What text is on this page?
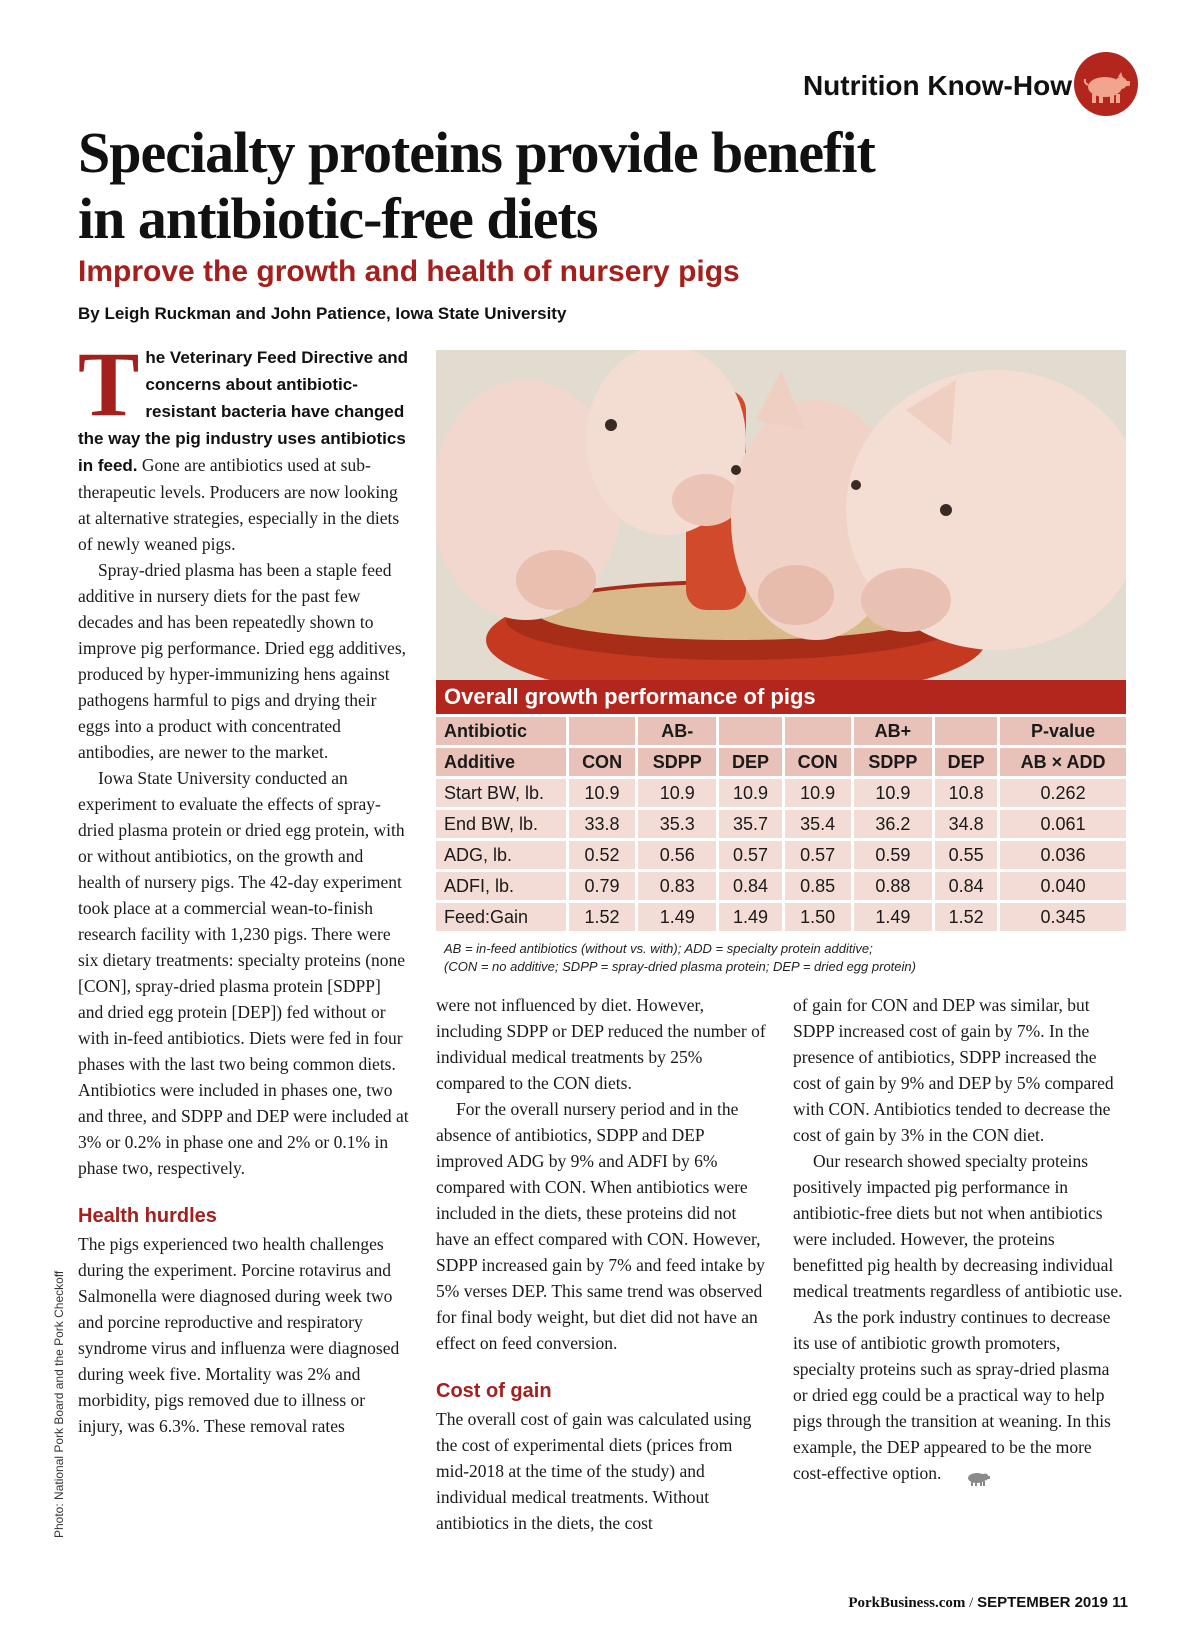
Nutrition Know-How
Specialty proteins provide benefit
in antibiotic-free diets
Improve the growth and health of nursery pigs
By Leigh Ruckman and John Patience, Iowa State University

The Veterinary Feed Directive and concerns about antibiotic-resistant bacteria have changed the way the pig industry uses antibiotics in feed. Gone are antibiotics used at sub-therapeutic levels. Producers are now looking at alternative strategies, especially in the diets of newly weaned pigs.

Spray-dried plasma has been a staple feed additive in nursery diets for the past few decades and has been repeatedly shown to improve pig performance. Dried egg additives, produced by hyper-immunizing hens against pathogens harmful to pigs and drying their eggs into a product with concentrated antibodies, are newer to the market.

Iowa State University conducted an experiment to evaluate the effects of spray-dried plasma protein or dried egg protein, with or without antibiotics, on the growth and health of nursery pigs. The 42-day experiment took place at a commercial wean-to-finish research facility with 1,230 pigs. There were six dietary treatments: specialty proteins (none [CON], spray-dried plasma protein [SDPP] and dried egg protein [DEP]) fed without or with in-feed antibiotics. Diets were fed in four phases with the last two being common diets. Antibiotics were included in phases one, two and three, and SDPP and DEP were included at 3% or 0.2% in phase one and 2% or 0.1% in phase two, respectively.

Health hurdles

The pigs experienced two health challenges during the experiment. Porcine rotavirus and Salmonella were diagnosed during week two and porcine reproductive and respiratory syndrome virus and influenza were diagnosed during week five. Mortality was 2% and morbidity, pigs removed due to illness or injury, was 6.3%. These removal rates

Overall growth performance of pigs
Antibiotic		AB-			AB+		P-value
Additive	CON	SDPP	DEP	CON	SDPP	DEP	AB × ADD
Start BW, lb.	10.9	10.9	10.9	10.9	10.9	10.8	0.262
End BW, lb.	33.8	35.3	35.7	35.4	36.2	34.8	0.061
ADG, lb.	0.52	0.56	0.57	0.57	0.59	0.55	0.036
ADFI, lb.	0.79	0.83	0.84	0.85	0.88	0.84	0.040
Feed:Gain	1.52	1.49	1.49	1.50	1.49	1.52	0.345
AB = in-feed antibiotics (without vs. with); ADD = specialty protein additive;
(CON = no additive; SDPP = spray-dried plasma protein; DEP = dried egg protein)

were not influenced by diet. However, including SDPP or DEP reduced the number of individual medical treatments by 25% compared to the CON diets.

For the overall nursery period and in the absence of antibiotics, SDPP and DEP improved ADG by 9% and ADFI by 6% compared with CON. When antibiotics were included in the diets, these proteins did not have an effect compared with CON. However, SDPP increased gain by 7% and feed intake by 5% verses DEP. This same trend was observed for final body weight, but diet did not have an effect on feed conversion.

Cost of gain

The overall cost of gain was calculated using the cost of experimental diets (prices from mid-2018 at the time of the study) and individual medical treatments. Without antibiotics in the diets, the cost

of gain for CON and DEP was similar, but SDPP increased cost of gain by 7%. In the presence of antibiotics, SDPP increased the cost of gain by 9% and DEP by 5% compared with CON. Antibiotics tended to decrease the cost of gain by 3% in the CON diet.

Our research showed specialty proteins positively impacted pig performance in antibiotic-free diets but not when antibiotics were included. However, the proteins benefitted pig health by decreasing individual medical treatments regardless of antibiotic use.

As the pork industry continues to decrease its use of antibiotic growth promoters, specialty proteins such as spray-dried plasma or dried egg could be a practical way to help pigs through the transition at weaning. In this example, the DEP appeared to be the more cost-effective option.

Photo: National Pork Board and the Pork Checkoff
PorkBusiness.com / SEPTEMBER 2019 11
